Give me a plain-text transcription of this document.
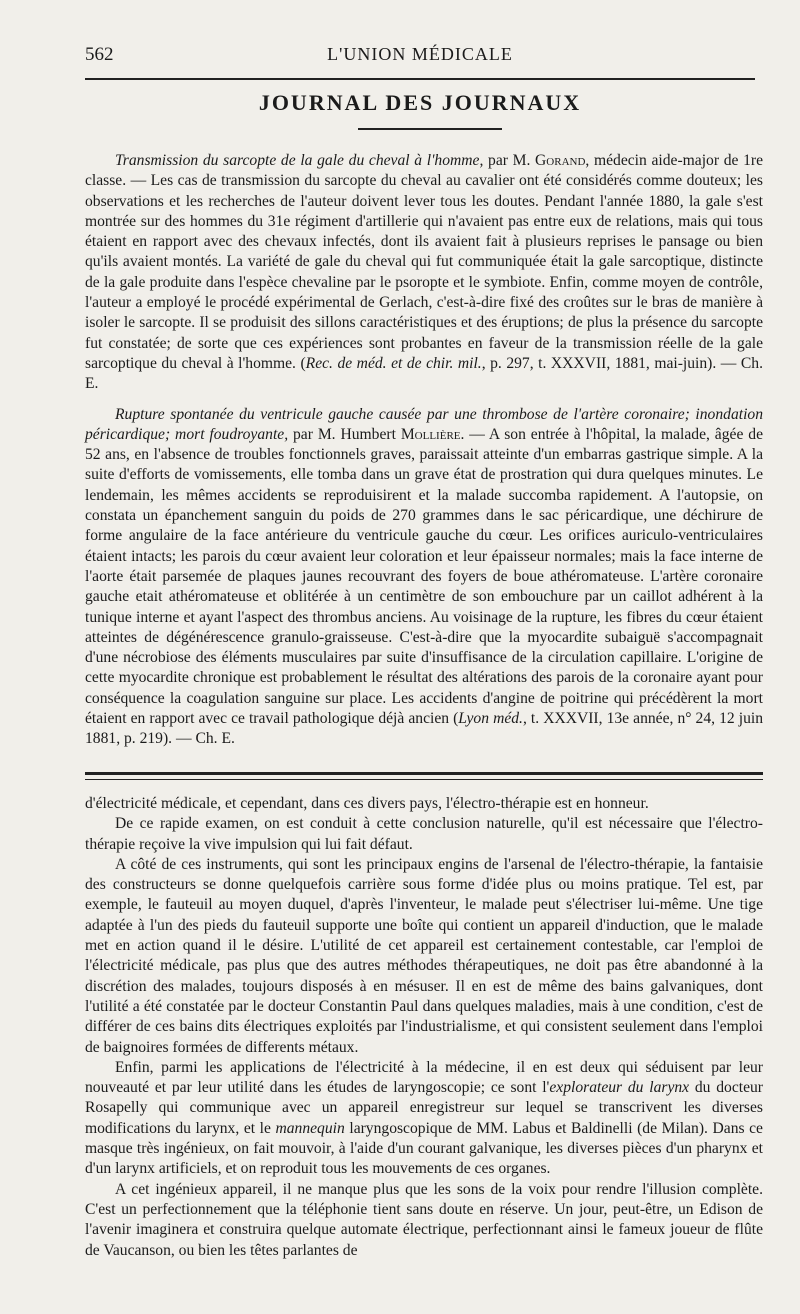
562	L'UNION MÉDICALE
JOURNAL DES JOURNAUX

Transmission du sarcopte de la gale du cheval à l'homme, par M. Gorand, médecin aide-major de 1re classe. — Les cas de transmission du sarcopte du cheval au cavalier ont été considérés comme douteux; les observations et les recherches de l'auteur doivent lever tous les doutes. Pendant l'année 1880, la gale s'est montrée sur des hommes du 31e régiment d'artillerie qui n'avaient pas entre eux de relations, mais qui tous étaient en rapport avec des chevaux infectés, dont ils avaient fait à plusieurs reprises le pansage ou bien qu'ils avaient montés. La variété de gale du cheval qui fut communiquée était la gale sarcoptique, distincte de la gale produite dans l'espèce chevaline par le psoropte et le symbiote. Enfin, comme moyen de contrôle, l'auteur a employé le procédé expérimental de Gerlach, c'est-à-dire fixé des croûtes sur le bras de manière à isoler le sarcopte. Il se produisit des sillons caractéristiques et des éruptions; de plus la présence du sarcopte fut constatée; de sorte que ces expériences sont probantes en faveur de la transmission réelle de la gale sarcoptique du cheval à l'homme. (Rec. de méd. et de chir. mil., p. 297, t. XXXVII, 1881, mai-juin). — Ch. E.

Rupture spontanée du ventricule gauche causée par une thrombose de l'artère coronaire; inondation péricardique; mort foudroyante, par M. Humbert Mollière. — A son entrée à l'hôpital, la malade, âgée de 52 ans, en l'absence de troubles fonctionnels graves, paraissait atteinte d'un embarras gastrique simple. A la suite d'efforts de vomissements, elle tomba dans un grave état de prostration qui dura quelques minutes. Le lendemain, les mêmes accidents se reproduisirent et la malade succomba rapidement. A l'autopsie, on constata un épanchement sanguin du poids de 270 grammes dans le sac péricardique, une déchirure de forme angulaire de la face antérieure du ventricule gauche du cœur. Les orifices auriculo-ventriculaires étaient intacts; les parois du cœur avaient leur coloration et leur épaisseur normales; mais la face interne de l'aorte était parsemée de plaques jaunes recouvrant des foyers de boue athéromateuse. L'artère coronaire gauche etait athéromateuse et oblitérée à un centimètre de son embouchure par un caillot adhérent à la tunique interne et ayant l'aspect des thrombus anciens. Au voisinage de la rupture, les fibres du cœur étaient atteintes de dégénérescence granulo-graisseuse. C'est-à-dire que la myocardite subaiguë s'accompagnait d'une nécrobiose des éléments musculaires par suite d'insuffisance de la circulation capillaire. L'origine de cette myocardite chronique est probablement le résultat des altérations des parois de la coronaire ayant pour conséquence la coagulation sanguine sur place. Les accidents d'angine de poitrine qui précédèrent la mort étaient en rapport avec ce travail pathologique déjà ancien (Lyon méd., t. XXXVII, 13e année, n° 24, 12 juin 1881, p. 219). — Ch. E.

d'électricité médicale, et cependant, dans ces divers pays, l'électro-thérapie est en honneur.

De ce rapide examen, on est conduit à cette conclusion naturelle, qu'il est nécessaire que l'électro-thérapie reçoive la vive impulsion qui lui fait défaut.

A côté de ces instruments, qui sont les principaux engins de l'arsenal de l'électro-thérapie, la fantaisie des constructeurs se donne quelquefois carrière sous forme d'idée plus ou moins pratique. Tel est, par exemple, le fauteuil au moyen duquel, d'après l'inventeur, le malade peut s'électriser lui-même. Une tige adaptée à l'un des pieds du fauteuil supporte une boîte qui contient un appareil d'induction, que le malade met en action quand il le désire. L'utilité de cet appareil est certainement contestable, car l'emploi de l'électricité médicale, pas plus que des autres méthodes thérapeutiques, ne doit pas être abandonné à la discrétion des malades, toujours disposés à en mésuser. Il en est de même des bains galvaniques, dont l'utilité a été constatée par le docteur Constantin Paul dans quelques maladies, mais à une condition, c'est de différer de ces bains dits électriques exploités par l'industrialisme, et qui consistent seulement dans l'emploi de baignoires formées de differents métaux.

Enfin, parmi les applications de l'électricité à la médecine, il en est deux qui séduisent par leur nouveauté et par leur utilité dans les études de laryngoscopie; ce sont l'explorateur du larynx du docteur Rosapelly qui communique avec un appareil enregistreur sur lequel se transcrivent les diverses modifications du larynx, et le mannequin laryngoscopique de MM. Labus et Baldinelli (de Milan). Dans ce masque très ingénieux, on fait mouvoir, à l'aide d'un courant galvanique, les diverses pièces d'un pharynx et d'un larynx artificiels, et on reproduit tous les mouvements de ces organes.

A cet ingénieux appareil, il ne manque plus que les sons de la voix pour rendre l'illusion complète. C'est un perfectionnement que la téléphonie tient sans doute en réserve. Un jour, peut-être, un Edison de l'avenir imaginera et construira quelque automate électrique, perfectionnant ainsi le fameux joueur de flûte de Vaucanson, ou bien les têtes parlantes de
